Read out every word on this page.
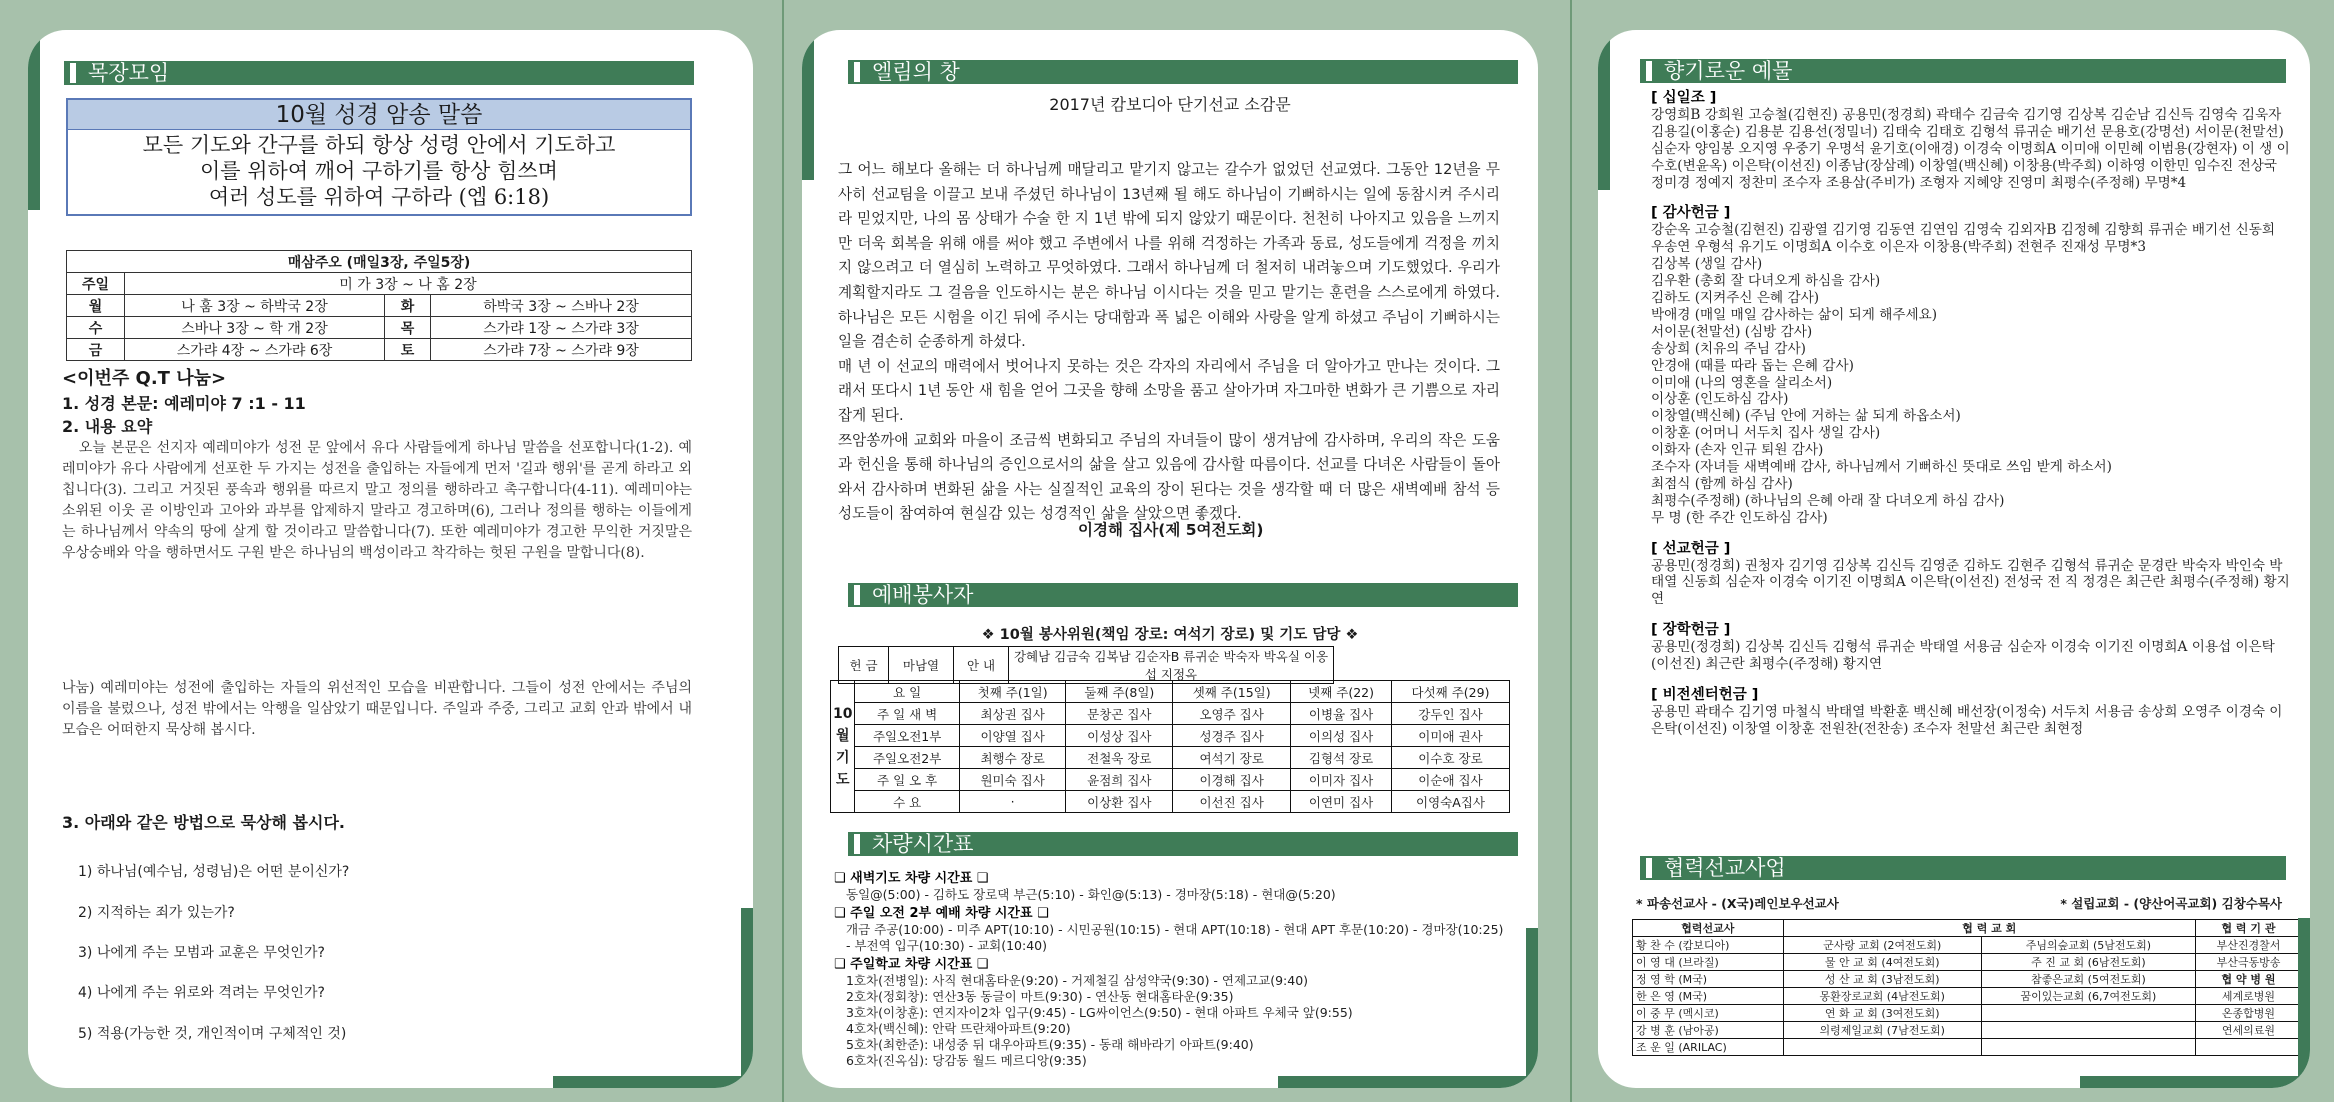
목장모임
10월 성경 암송 말씀
모든 기도와 간구를 하되 항상 성령 안에서 기도하고
이를 위하여 깨어 구하기를 항상 힘쓰며
여러 성도를 위하여 구하라 (엡 6:18)
매삼주오 (매일3장, 주일5장)			
주일	미 가 3장 ~ 나 홈 2장		
월	나 훔 3장 ~ 하박국 2장	화	하박국 3장 ~ 스바나 2장
수	스바나 3장 ~ 학 개 2장	목	스가랴 1장 ~ 스가랴 3장
금	스가랴 4장 ~ 스가랴 6장	토	스가랴 7장 ~ 스가랴 9장
<이번주 Q.T 나눔>
1. 성경 본문: 예레미야 7 :1 - 11
2. 내용 요약
오늘 본문은 선지자 예레미야가 성전 문 앞에서 유다 사람들에게 하나님 말씀을 선포합니다(1-2). 예레미야가 유다 사람에게 선포한 두 가지는 성전을 출입하는 자들에게 먼저 '길과 행위'를 곧게 하라고 외칩니다(3). 그리고 거짓된 풍속과 행위를 따르지 말고 정의를 행하라고 촉구합니다(4-11). 예레미야는 소위된 이웃 곧 이방인과 고아와 과부를 압제하지 말라고 경고하며(6), 그러나 정의를 행하는 이들에게는 하나님께서 약속의 땅에 살게 할 것이라고 말씀합니다(7). 또한 예레미야가 경고한 무익한 거짓말은 우상숭배와 악을 행하면서도 구원 받은 하나님의 백성이라고 착각하는 헛된 구원을 말합니다(8).
나눔) 예레미야는 성전에 출입하는 자들의 위선적인 모습을 비판합니다. 그들이 성전 안에서는 주님의 이름을 불렀으나, 성전 밖에서는 악행을 일삼았기 때문입니다. 주일과 주중, 그리고 교회 안과 밖에서 내 모습은 어떠한지 묵상해 봅시다.
3. 아래와 같은 방법으로 묵상해 봅시다.
1) 하나님(예수님, 성령님)은 어떤 분이신가?
2) 지적하는 죄가 있는가?
3) 나에게 주는 모범과 교훈은 무엇인가?
4) 나에게 주는 위로와 격려는 무엇인가?
5) 적용(가능한 것, 개인적이며 구체적인 것)
엘림의 창
2017년 캄보디아 단기선교 소감문

그 어느 해보다 올해는 더 하나님께 매달리고 맡기지 않고는 갈수가 없었던 선교였다. 그동안 12년을 무사히 선교팀을 이끌고 보내 주셨던 하나님이 13년째 될 해도 하나님이 기뻐하시는 일에 동참시켜 주시리라 믿었지만, 나의 몸 상태가 수술 한 지 1년 밖에 되지 않았기 때문이다. 천천히 나아지고 있음을 느끼지만 더욱 회복을 위해 애를 써야 했고 주변에서 나를 위해 걱정하는 가족과 동료, 성도들에게 걱정을 끼치지 않으려고 더 열심히 노력하고 무엇하였다. 그래서 하나님께 더 철저히 내려놓으며 기도했었다. 우리가 계획할지라도 그 걸음을 인도하시는 분은 하나님 이시다는 것을 믿고 맡기는 훈련을 스스로에게 하였다. 하나님은 모든 시험을 이긴 뒤에 주시는 당대함과 폭 넓은 이해와 사랑을 알게 하셨고 주님이 기뻐하시는 일을 겸손히 순종하게 하셨다.

매 년 이 선교의 매력에서 벗어나지 못하는 것은 각자의 자리에서 주님을 더 알아가고 만나는 것이다. 그래서 또다시 1년 동안 새 힘을 얻어 그곳을 향해 소망을 품고 살아가며 자그마한 변화가 큰 기쁨으로 자리 잡게 된다.

쯔암쏭까애 교회와 마을이 조금씩 변화되고 주님의 자녀들이 많이 생겨남에 감사하며, 우리의 작은 도움과 헌신을 통해 하나님의 증인으로서의 삶을 살고 있음에 감사할 따름이다. 선교를 다녀온 사람들이 돌아와서 감사하며 변화된 삶을 사는 실질적인 교육의 장이 된다는 것을 생각할 때 더 많은 새벽예배 참석 등 성도들이 참여하여 현실감 있는 성경적인 삶을 살았으면 좋겠다.

이경해 집사(제 5여전도회)
예배봉사자
❖ 10월 봉사위원(책임 장로: 여석기 장로) 및 기도 담당 ❖
헌 금	마남열	안 내	강혜남 김금숙 김복남 김순자B 류귀순 박숙자 박옥실 이옹섭 지정옥
10
월
기
도	요 일	첫째 주(1일)	둘째 주(8일)	셋째 주(15일)	넷째 주(22)	다섯째 주(29)
	주 일 새 벽	최상권 집사	문창곤 집사	오영주 집사	이병율 집사	강두인 집사
	주일오전1부	이양열 집사	이성상 집사	성경주 집사	이의성 집사	이미애 권사
	주일오전2부	최행수 장로	전철욱 장로	여석기 장로	김형석 장로	이수호 장로
	주 일 오 후	원미숙 집사	윤점희 집사	이경해 집사	이미자 집사	이순애 집사
	수 요	·	이상환 집사	이선진 집사	이연미 집사	이영숙A집사
차량시간표
❑ 새벽기도 차량 시간표 ❑
동일@(5:00) - 김하도 장로댁 부근(5:10) - 화인@(5:13) - 경마장(5:18) - 현대@(5:20)
❑ 주일 오전 2부 예배 차량 시간표 ❑
개금 주공(10:00) - 미주 APT(10:10) - 시민공원(10:15) - 현대 APT(10:18) - 현대 APT 후문(10:20) - 경마장(10:25) - 부전역 입구(10:30) - 교회(10:40)
❑ 주일학교 차량 시간표 ❑
1호차(전병일): 사직 현대홈타운(9:20) - 거제철길 삼성약국(9:30) - 연제고교(9:40)
2호차(정회창): 연산3동 동글이 마트(9:30) - 연산동 현대홈타운(9:35)
3호차(이창훈): 연지자이2차 입구(9:45) - LG싸이언스(9:50) - 현대 아파트 우체국 앞(9:55)
4호차(백신혜): 안락 뜨란채아파트(9:20)
5호차(최한준): 내성중 뒤 대우아파트(9:35) - 동래 해바라기 아파트(9:40)
6호차(진옥심): 당감동 월드 메르디앙(9:35)
향기로운 예물
[ 십일조 ]
강영희B 강희원 고승철(김현진) 공용민(정경희) 곽태수 김금숙 김기영 김상복 김순남 김신득 김영숙 김욱자 김용길(이홍순) 김용분 김용선(정밀너) 김태숙 김태호 김형석 류귀순 배기선 문용호(강명선) 서이문(천말선) 심순자 양임봉 오지영 우중기 우명석 윤기호(이애경) 이경숙 이명희A 이미애 이민혜 이범용(강현자) 이 생 이수호(변윤옥) 이은탁(이선진) 이종남(장삼례) 이창열(백신혜) 이창용(박주희) 이하영 이한민 임수진 전상국 정미경 정예지 정찬미 조수자 조용삼(주비가) 조형자 지혜양 진영미 최평수(주정해) 무명*4
[ 감사헌금 ]
강순옥 고승철(김현진) 김광열 김기영 김동연 김연임 김영숙 김외자B 김정혜 김향희 류귀순 배기선 신동희 우송연 우형석 유기도 이명희A 이수호 이은자 이창용(박주희) 전현주 진재성 무명*3
김상복 (생일 감사)
김우환 (총회 잘 다녀오게 하심을 감사)
김하도 (지켜주신 은혜 감사)
박애경 (매일 매일 감사하는 삶이 되게 해주세요)
서이문(천말선) (심방 감사)
송상희 (치유의 주님 감사)
안경애 (때를 따라 돕는 은혜 감사)
이미애 (나의 영혼을 살리소서)
이상훈 (인도하심 감사)
이창열(백신혜) (주님 안에 거하는 삶 되게 하옵소서)
이창훈 (어머니 서두치 집사 생일 감사)
이화자 (손자 인규 퇴원 감사)
조수자 (자녀들 새벽예배 감사, 하나님께서 기뻐하신 뜻대로 쓰임 받게 하소서)
최점식 (함께 하심 감사)
최평수(주정해) (하나님의 은혜 아래 잘 다녀오게 하심 감사)
무 명 (한 주간 인도하심 감사)
[ 선교헌금 ]
공용민(정경희) 권청자 김기영 김상복 김신득 김영준 김하도 김현주 김형석 류귀순 문경란 박숙자 박인숙 박태열 신동희 심순자 이경숙 이기진 이명희A 이은탁(이선진) 전성국 전 직 정경은 최근란 최평수(주정해) 황지연
[ 장학헌금 ]
공용민(정경희) 김상복 김신득 김형석 류귀순 박태열 서용금 심순자 이경숙 이기진 이명희A 이용섭 이은탁(이선진) 최근란 최평수(주정해) 황지연
[ 비전센터헌금 ]
공용민 곽태수 김기영 마철식 박태열 박환훈 백신혜 배선장(이정숙) 서두치 서용금 송상희 오영주 이경숙 이은탁(이선진) 이창열 이창훈 전원찬(전찬송) 조수자 천말선 최근란 최현정
협력선교사업
* 파송선교사 - (X국)레인보우선교사	* 설립교회 - (양산어곡교회) 김창수목사
협력선교사	협 력 교 회		협 력 기 관
황 찬 수 (캄보디아)	군사랑 교회 (2여전도회)	주님의숲교회 (5남전도회)	부산진경찰서
이 영 대 (브라질)	물 안 교 회 (4여전도회)	주 진 교 회 (6남전도회)	부산극동방송
정 영 학 (M국)	성 산 교 회 (3남전도회)	참좋은교회 (5여전도회)	협 약 병 원
한 은 영 (M국)	몽환장로교회 (4남전도회)	꿈이있는교회 (6,7여전도회)	세계로병원
이 중 무 (멕시코)	연 화 교 회 (3여전도회)		온종합병원
강 병 훈 (남아공)	의령제일교회 (7남전도회)		연세의료원
조 운 일 (ARILAC)			
